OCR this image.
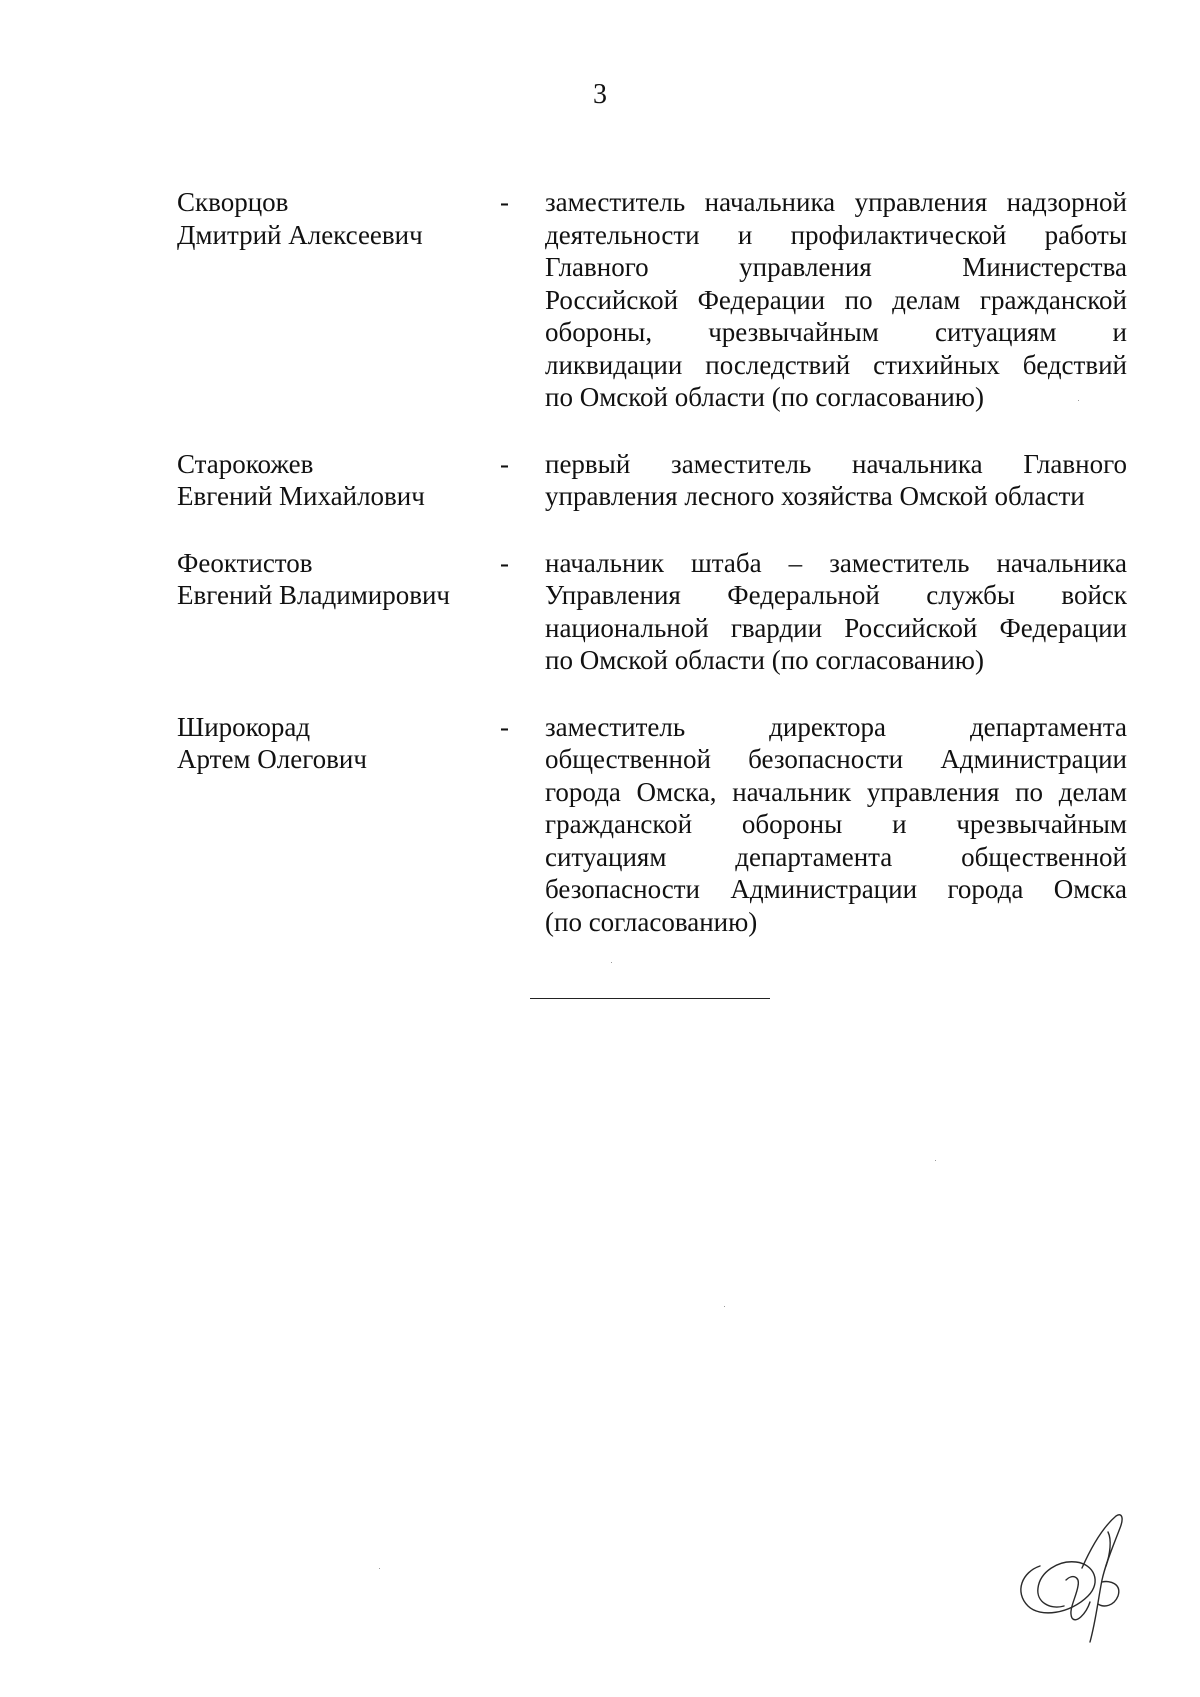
3
Скворцов
Дмитрий Алексеевич
- заместитель начальника управления надзорной
деятельности и профилактической работы
Главного управления Министерства
Российской Федерации по делам гражданской
обороны, чрезвычайным ситуациям и
ликвидации последствий стихийных бедствий
по Омской области (по согласованию)
Старокожев
Евгений Михайлович
- первый заместитель начальника Главного
управления лесного хозяйства Омской области
Феоктистов
Евгений Владимирович
- начальник штаба – заместитель начальника
Управления Федеральной службы войск
национальной гвардии Российской Федерации
по Омской области (по согласованию)
Широкорад
Артем Олегович
- заместитель директора департамента
общественной безопасности Администрации
города Омска, начальник управления по делам
гражданской обороны и чрезвычайным
ситуациям департамента общественной
безопасности Администрации города Омска
(по согласованию)
